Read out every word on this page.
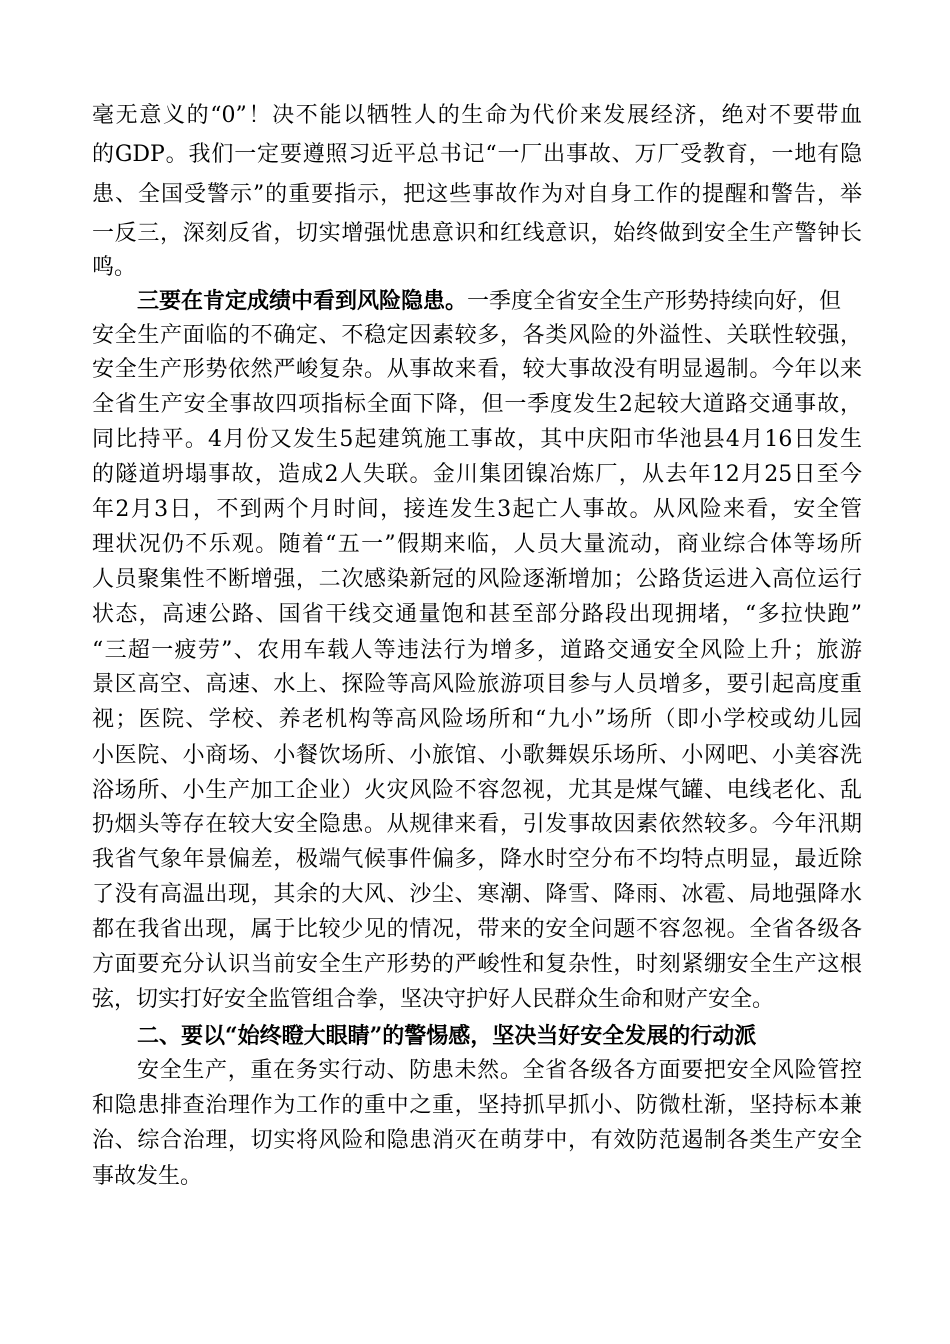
毫无意义的“0”！决不能以牺牲人的生命为代价来发展经济，绝对不要带血
的GDP。我们一定要遵照习近平总书记“一厂出事故、万厂受教育，一地有隐
患、全国受警示”的重要指示，把这些事故作为对自身工作的提醒和警告，举
一反三，深刻反省，切实增强忧患意识和红线意识，始终做到安全生产警钟长
鸣。
三要在肯定成绩中看到风险隐患。一季度全省安全生产形势持续向好，但
安全生产面临的不确定、不稳定因素较多，各类风险的外溢性、关联性较强，
安全生产形势依然严峻复杂。从事故来看，较大事故没有明显遏制。今年以来
全省生产安全事故四项指标全面下降，但一季度发生2起较大道路交通事故，
同比持平。4月份又发生5起建筑施工事故，其中庆阳市华池县4月16日发生
的隧道坍塌事故，造成2人失联。金川集团镍冶炼厂，从去年12月25日至今
年2月3日，不到两个月时间，接连发生3起亡人事故。从风险来看，安全管
理状况仍不乐观。随着“五一”假期来临，人员大量流动，商业综合体等场所
人员聚集性不断增强，二次感染新冠的风险逐渐增加；公路货运进入高位运行
状态，高速公路、国省干线交通量饱和甚至部分路段出现拥堵，“多拉快跑”
“三超一疲劳”、农用车载人等违法行为增多，道路交通安全风险上升；旅游
景区高空、高速、水上、探险等高风险旅游项目参与人员增多，要引起高度重
视；医院、学校、养老机构等高风险场所和“九小”场所（即小学校或幼儿园
小医院、小商场、小餐饮场所、小旅馆、小歌舞娱乐场所、小网吧、小美容洗
浴场所、小生产加工企业）火灾风险不容忽视，尤其是煤气罐、电线老化、乱
扔烟头等存在较大安全隐患。从规律来看，引发事故因素依然较多。今年汛期
我省气象年景偏差，极端气候事件偏多，降水时空分布不均特点明显，最近除
了没有高温出现，其余的大风、沙尘、寒潮、降雪、降雨、冰雹、局地强降水
都在我省出现，属于比较少见的情况，带来的安全问题不容忽视。全省各级各
方面要充分认识当前安全生产形势的严峻性和复杂性，时刻紧绷安全生产这根
弦，切实打好安全监管组合拳，坚决守护好人民群众生命和财产安全。
二、要以“始终瞪大眼睛”的警惕感，坚决当好安全发展的行动派
安全生产，重在务实行动、防患未然。全省各级各方面要把安全风险管控
和隐患排查治理作为工作的重中之重，坚持抓早抓小、防微杜渐，坚持标本兼
治、综合治理，切实将风险和隐患消灭在萌芽中，有效防范遏制各类生产安全
事故发生。
